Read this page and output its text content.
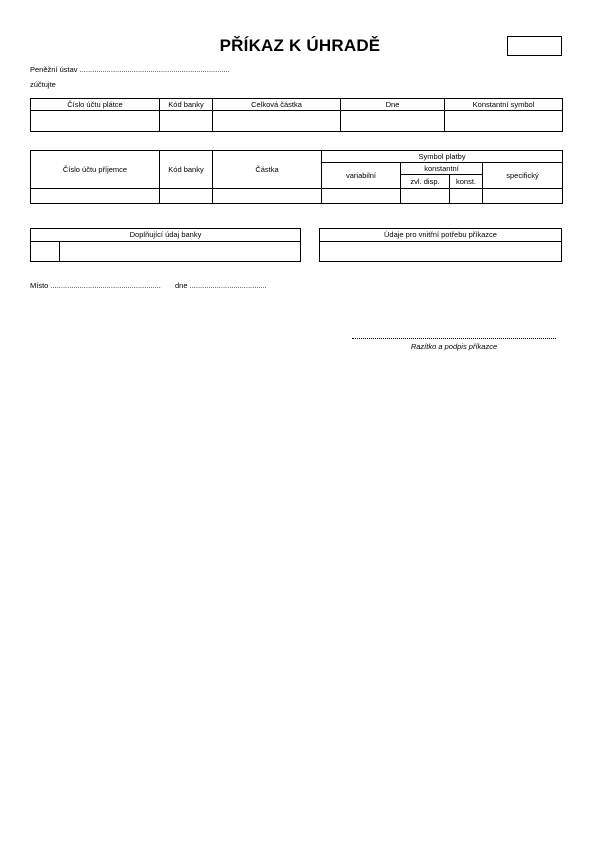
PŘÍKAZ K ÚHRADĚ
Peněžní ústav ........................................................................
zúčtujte
Číslo účtu plátce	Kód banky	Celková částka	Dne	Konstantní symbol

Číslo účtu příjemce	Kód banky	Částka	Symbol platby			
			variabilní	konstantní		specifický
				zvl. disp.	konst.	

Doplňující údaj banky	Údaje pro vnitřní potřebu příkazce
Místo ..................................................... dne .....................................
Razítko a podpis příkazce
